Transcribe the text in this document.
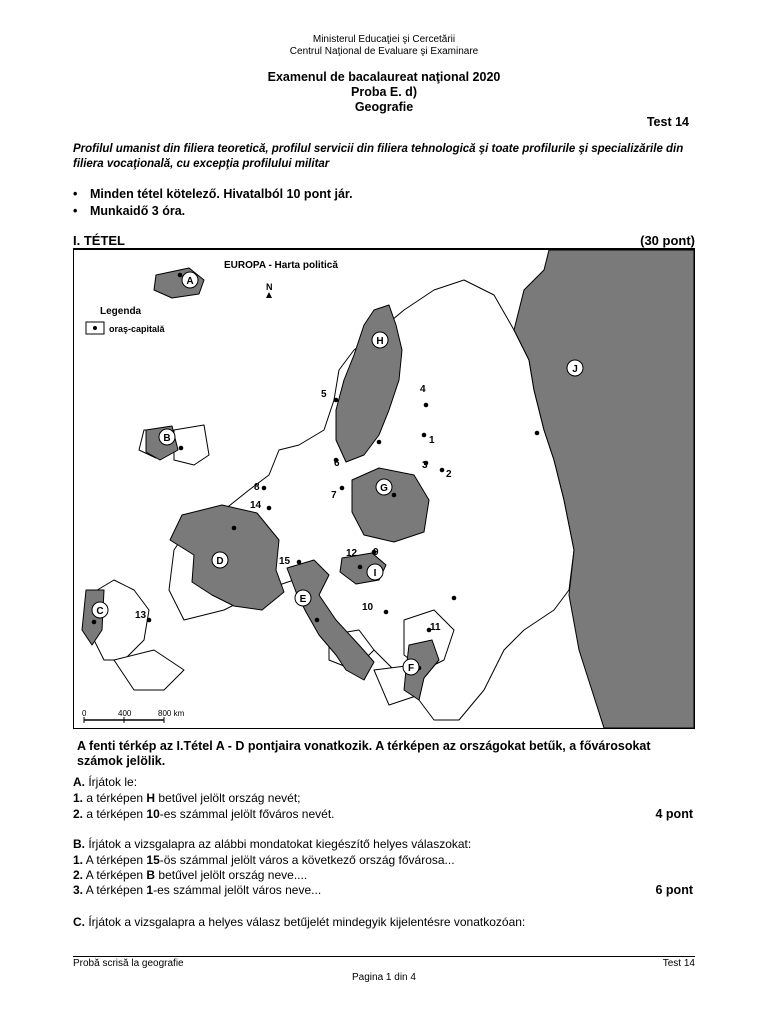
Ministerul Educaţiei şi Cercetării
Centrul Naţional de Evaluare şi Examinare
Examenul de bacalaureat naţional 2020
Proba E. d)
Geografie
Test 14
Profilul umanist din filiera teoretică, profilul servicii din filiera tehnologică şi toate profilurile şi specializările din filiera vocaţională, cu excepţia profilului militar
• Minden tétel kötelező. Hivatalból 10 pont jár.
• Munkaidő 3 óra.
I. TÉTEL	(30 pont)
A
B
C
D
E
F
G
H
I
J
1
2
3
4
5
6
7
8
9
10
11
12
13
14
15
EUROPA - Harta politică
N
Legenda
oraş-capitală
0	400	800 km
A fenti térkép az I.Tétel A - D pontjaira vonatkozik. A térképen az országokat betűk, a fővárosokat számok jelölik.
A. Írjátok le:
1. a térképen H betűvel jelölt ország nevét;
2. a térképen 10-es számmal jelölt főváros nevét.	4 pont
B. Írjátok a vizsgalapra az alábbi mondatokat kiegészítő helyes válaszokat:
1. A térképen 15-ös számmal jelölt város a következő ország fővárosa...
2. A térképen B betűvel jelölt ország neve....
3. A térképen 1-es számmal jelölt város neve...	6 pont
C. Írjátok a vizsgalapra a helyes válasz betűjelét mindegyik kijelentésre vonatkozóan:
Probă scrisă la geografie	Test 14
Pagina 1 din 4
